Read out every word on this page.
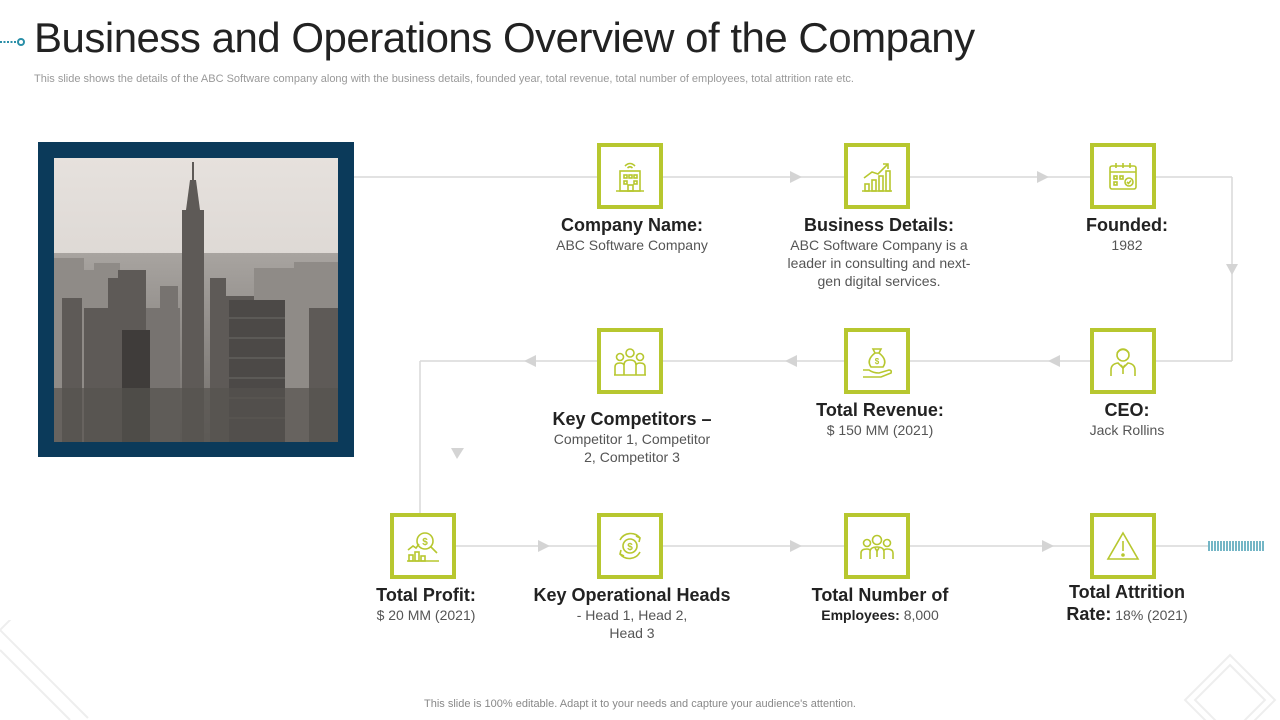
Business and Operations Overview of the Company

This slide shows the details of the ABC Software company along with the business details, founded year, total revenue, total number of employees, total attrition rate etc.

Company Name:
ABC Software Company
Business Details:
ABC Software Company is a leader in consulting and next-gen digital services.
Founded:
1982
CEO:
Jack Rollins
$
Total Revenue:
$ 150 MM (2021)
Key Competitors –
Competitor 1, Competitor 2, Competitor 3
$
Total Profit:
$ 20 MM (2021)
$
Key Operational Heads
- Head 1, Head 2, Head 3
Total Number of
Employees: 8,000
Total Attrition
Rate: 18% (2021)
This slide is 100% editable. Adapt it to your needs and capture your audience's attention.
